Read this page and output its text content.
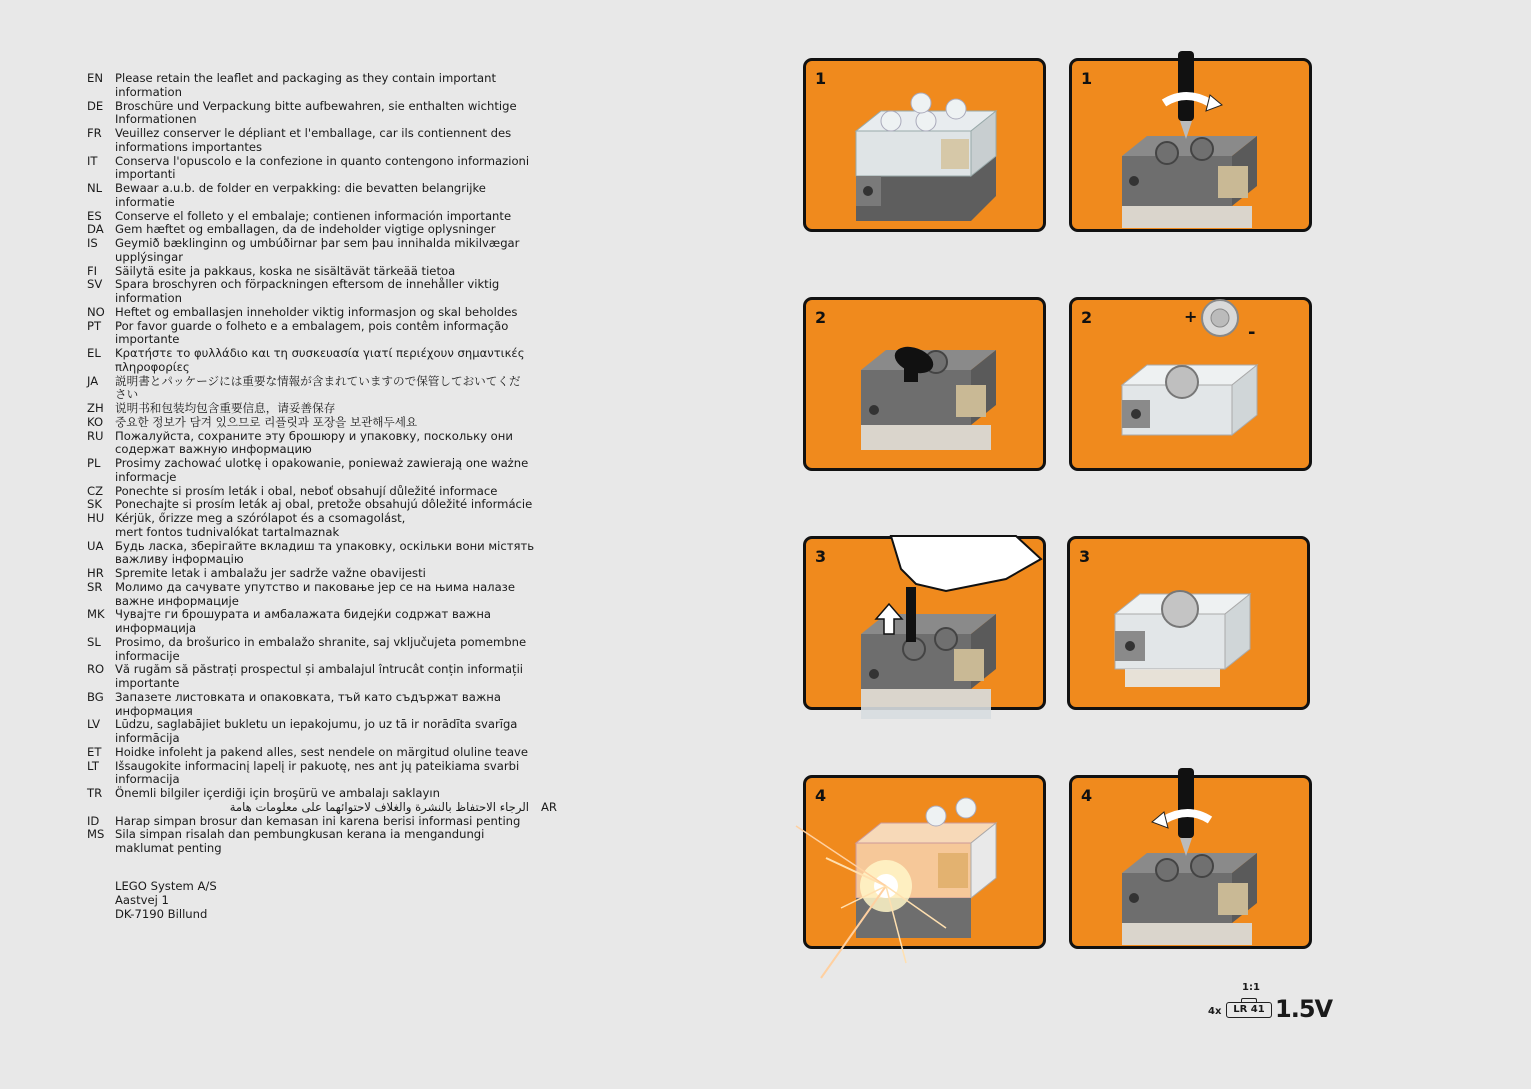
EN	Please retain the leaflet and packaging as they contain important
information
DE	Broschüre und Verpackung bitte aufbewahren, sie enthalten wichtige
Informationen
FR	Veuillez conserver le dépliant et l'emballage, car ils contiennent des
informations importantes
IT	Conserva l'opuscolo e la confezione in quanto contengono informazioni
importanti
NL	Bewaar a.u.b. de folder en verpakking: die bevatten belangrijke
informatie
ES	Conserve el folleto y el embalaje; contienen información importante
DA Gem hæftet og emballagen, da de indeholder vigtige oplysninger
IS	Geymið bæklinginn og umbúðirnar þar sem þau innihalda mikilvægar
upplýsingar
FI	Säilytä esite ja pakkaus, koska ne sisältävät tärkeää tietoa
SV	Spara broschyren och förpackningen eftersom de innehåller viktig
information
NO Heftet og emballasjen inneholder viktig informasjon og skal beholdes
PT	Por favor guarde o folheto e a embalagem, pois contêm informação
importante
EL	Κρατήστε το φυλλάδιο και τη συσκευασία γιατί περιέχουν σημαντικές
πληροφορίες
JA	説明書とパッケージには重要な情報が含まれていますので保管しておいてくだ
さい
ZH 说明书和包装均包含重要信息，请妥善保存
KO	중요한 정보가 담겨 있으므로 리플릿과 포장을 보관해두세요
RU Пожалуйста, сохраните эту брошюру и упаковку, поскольку они
содержат важную информацию
PL	Prosimy zachować ulotkę i opakowanie, ponieważ zawierają one ważne
informacje
CZ	Ponechte si prosím leták i obal, neboť obsahují důležité informace
SK	Ponechajte si prosím leták aj obal, pretože obsahujú dôležité informácie
HU Kérjük, őrizze meg a szórólapot és a csomagolást,
mert fontos tudnivalókat tartalmaznak
UA Будь ласка, зберігайте вкладиш та упаковку, оскільки вони містять
важливу інформацію
HR Spremite letak i ambalažu jer sadrže važne obavijesti
SR	Молимо да сачувате упутство и паковање јер се на њима налазе
важне информације
MK Чувајте ги брошурата и амбалажата бидејќи содржат важна
информација
SL	Prosimo, da brošurico in embalažo shranite, saj vključujeta pomembne
informacije
RO Vă rugăm să păstrați prospectul și ambalajul întrucât conțin informații
importante
BG Запазете листовката и опаковката, тъй като съдържат важна
информация
LV	Lūdzu, saglabājiet bukletu un iepakojumu, jo uz tā ir norādīta svarīga
informācija
ET	Hoidke infoleht ja pakend alles, sest nendele on märgitud oluline teave
LT	Išsaugokite informacinį lapelį ir pakuotę, nes ant jų pateikiama svarbi
informacija
TR	Önemli bilgiler içerdiği için broşürü ve ambalajı saklayın
AR
الرجاء الاحتفاظ بالنشرة والغلاف لاحتوائهما على معلومات هامة
ID	Harap simpan brosur dan kemasan ini karena berisi informasi penting
MS Sila simpan risalah dan pembungkusan kerana ia mengandungi
maklumat penting
LEGO System A/S
Aastvej 1
DK-7190 Billund
1	1
2	2	+
-
3	3
4	4
1:1
4x	LR 41 1.5V
